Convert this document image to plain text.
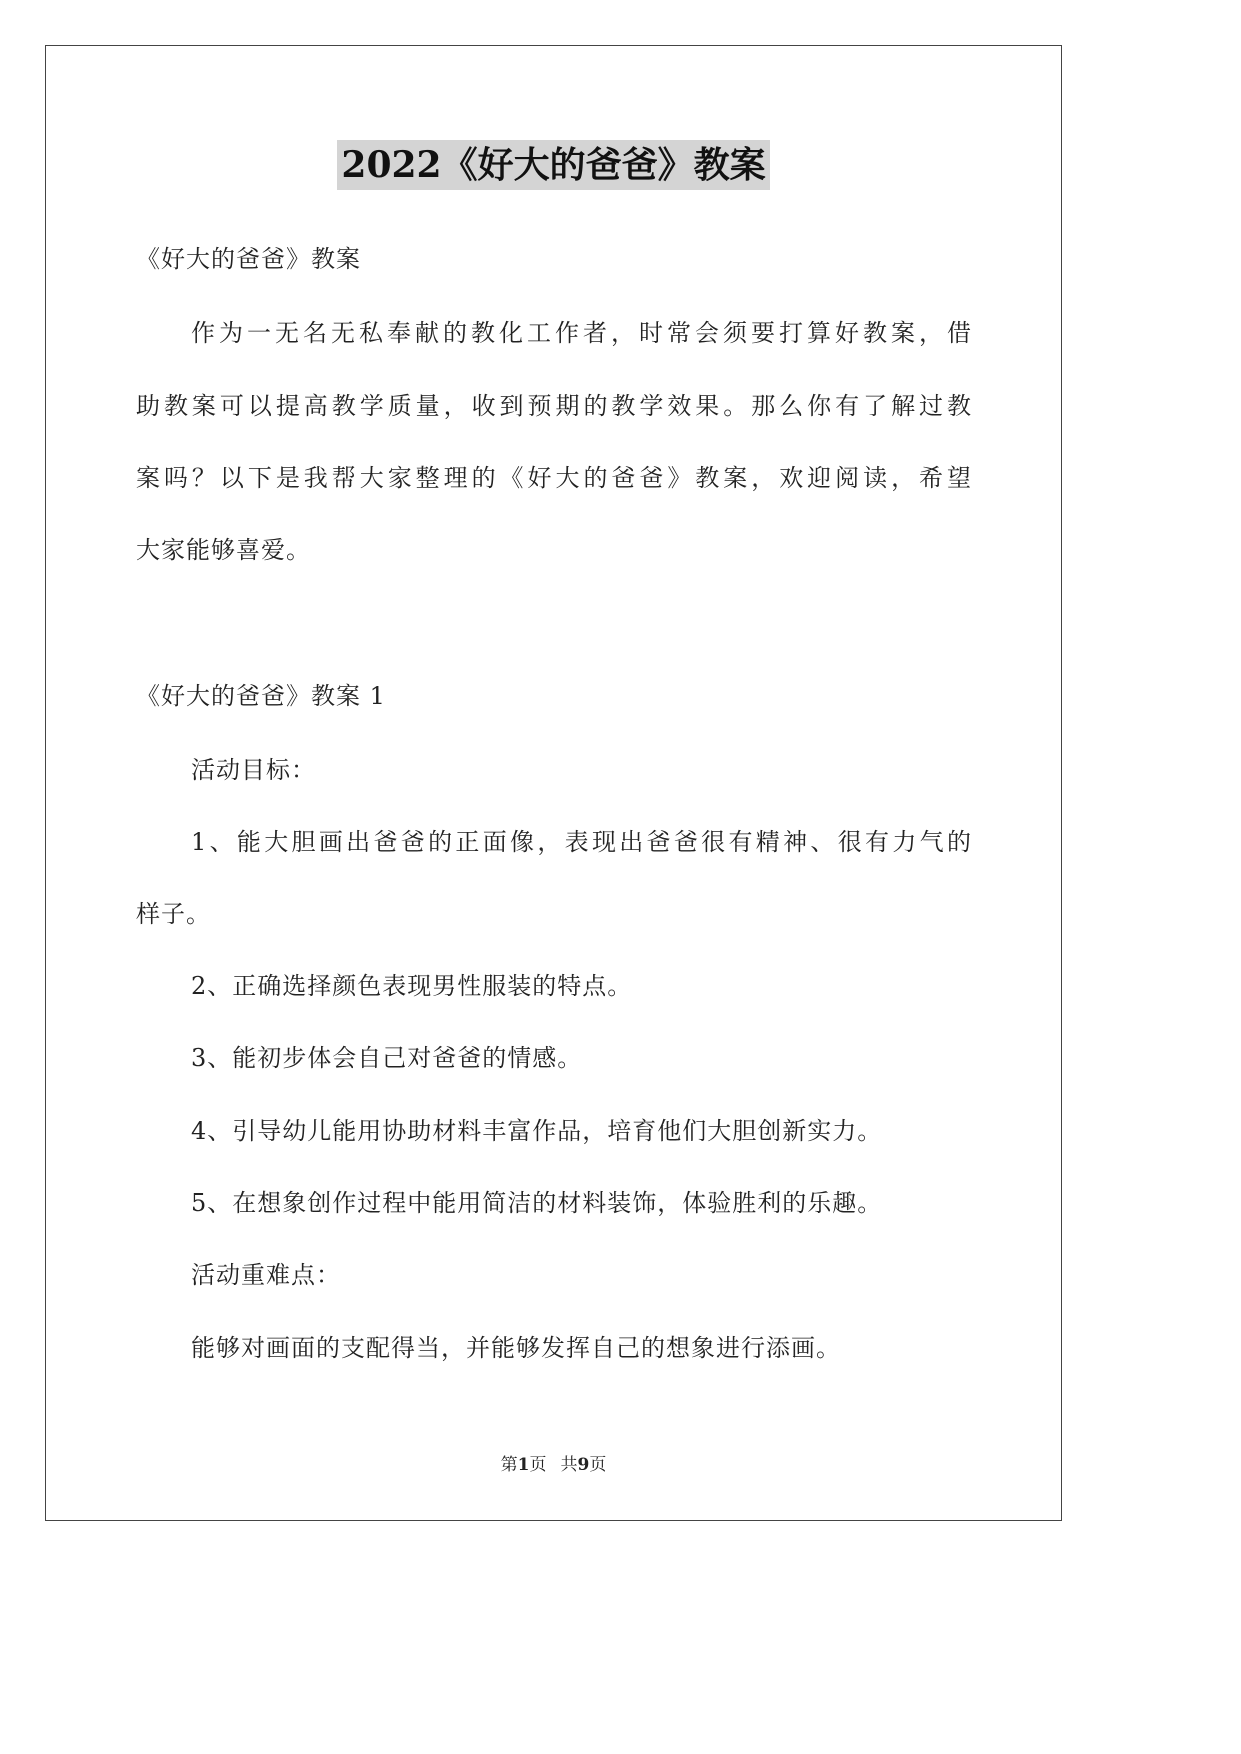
2022《好大的爸爸》教案

《好大的爸爸》教案

作为一无名无私奉献的教化工作者，时常会须要打算好教案，借

助教案可以提高教学质量，收到预期的教学效果。那么你有了解过教

案吗？以下是我帮大家整理的《好大的爸爸》教案，欢迎阅读，希望

大家能够喜爱。

《好大的爸爸》教案 1

活动目标：

1、能大胆画出爸爸的正面像，表现出爸爸很有精神、很有力气的

样子。

2、正确选择颜色表现男性服装的特点。

3、能初步体会自己对爸爸的情感。

4、引导幼儿能用协助材料丰富作品，培育他们大胆创新实力。

5、在想象创作过程中能用简洁的材料装饰，体验胜利的乐趣。

活动重难点：

能够对画面的支配得当，并能够发挥自己的想象进行添画。

第1页 共9页
